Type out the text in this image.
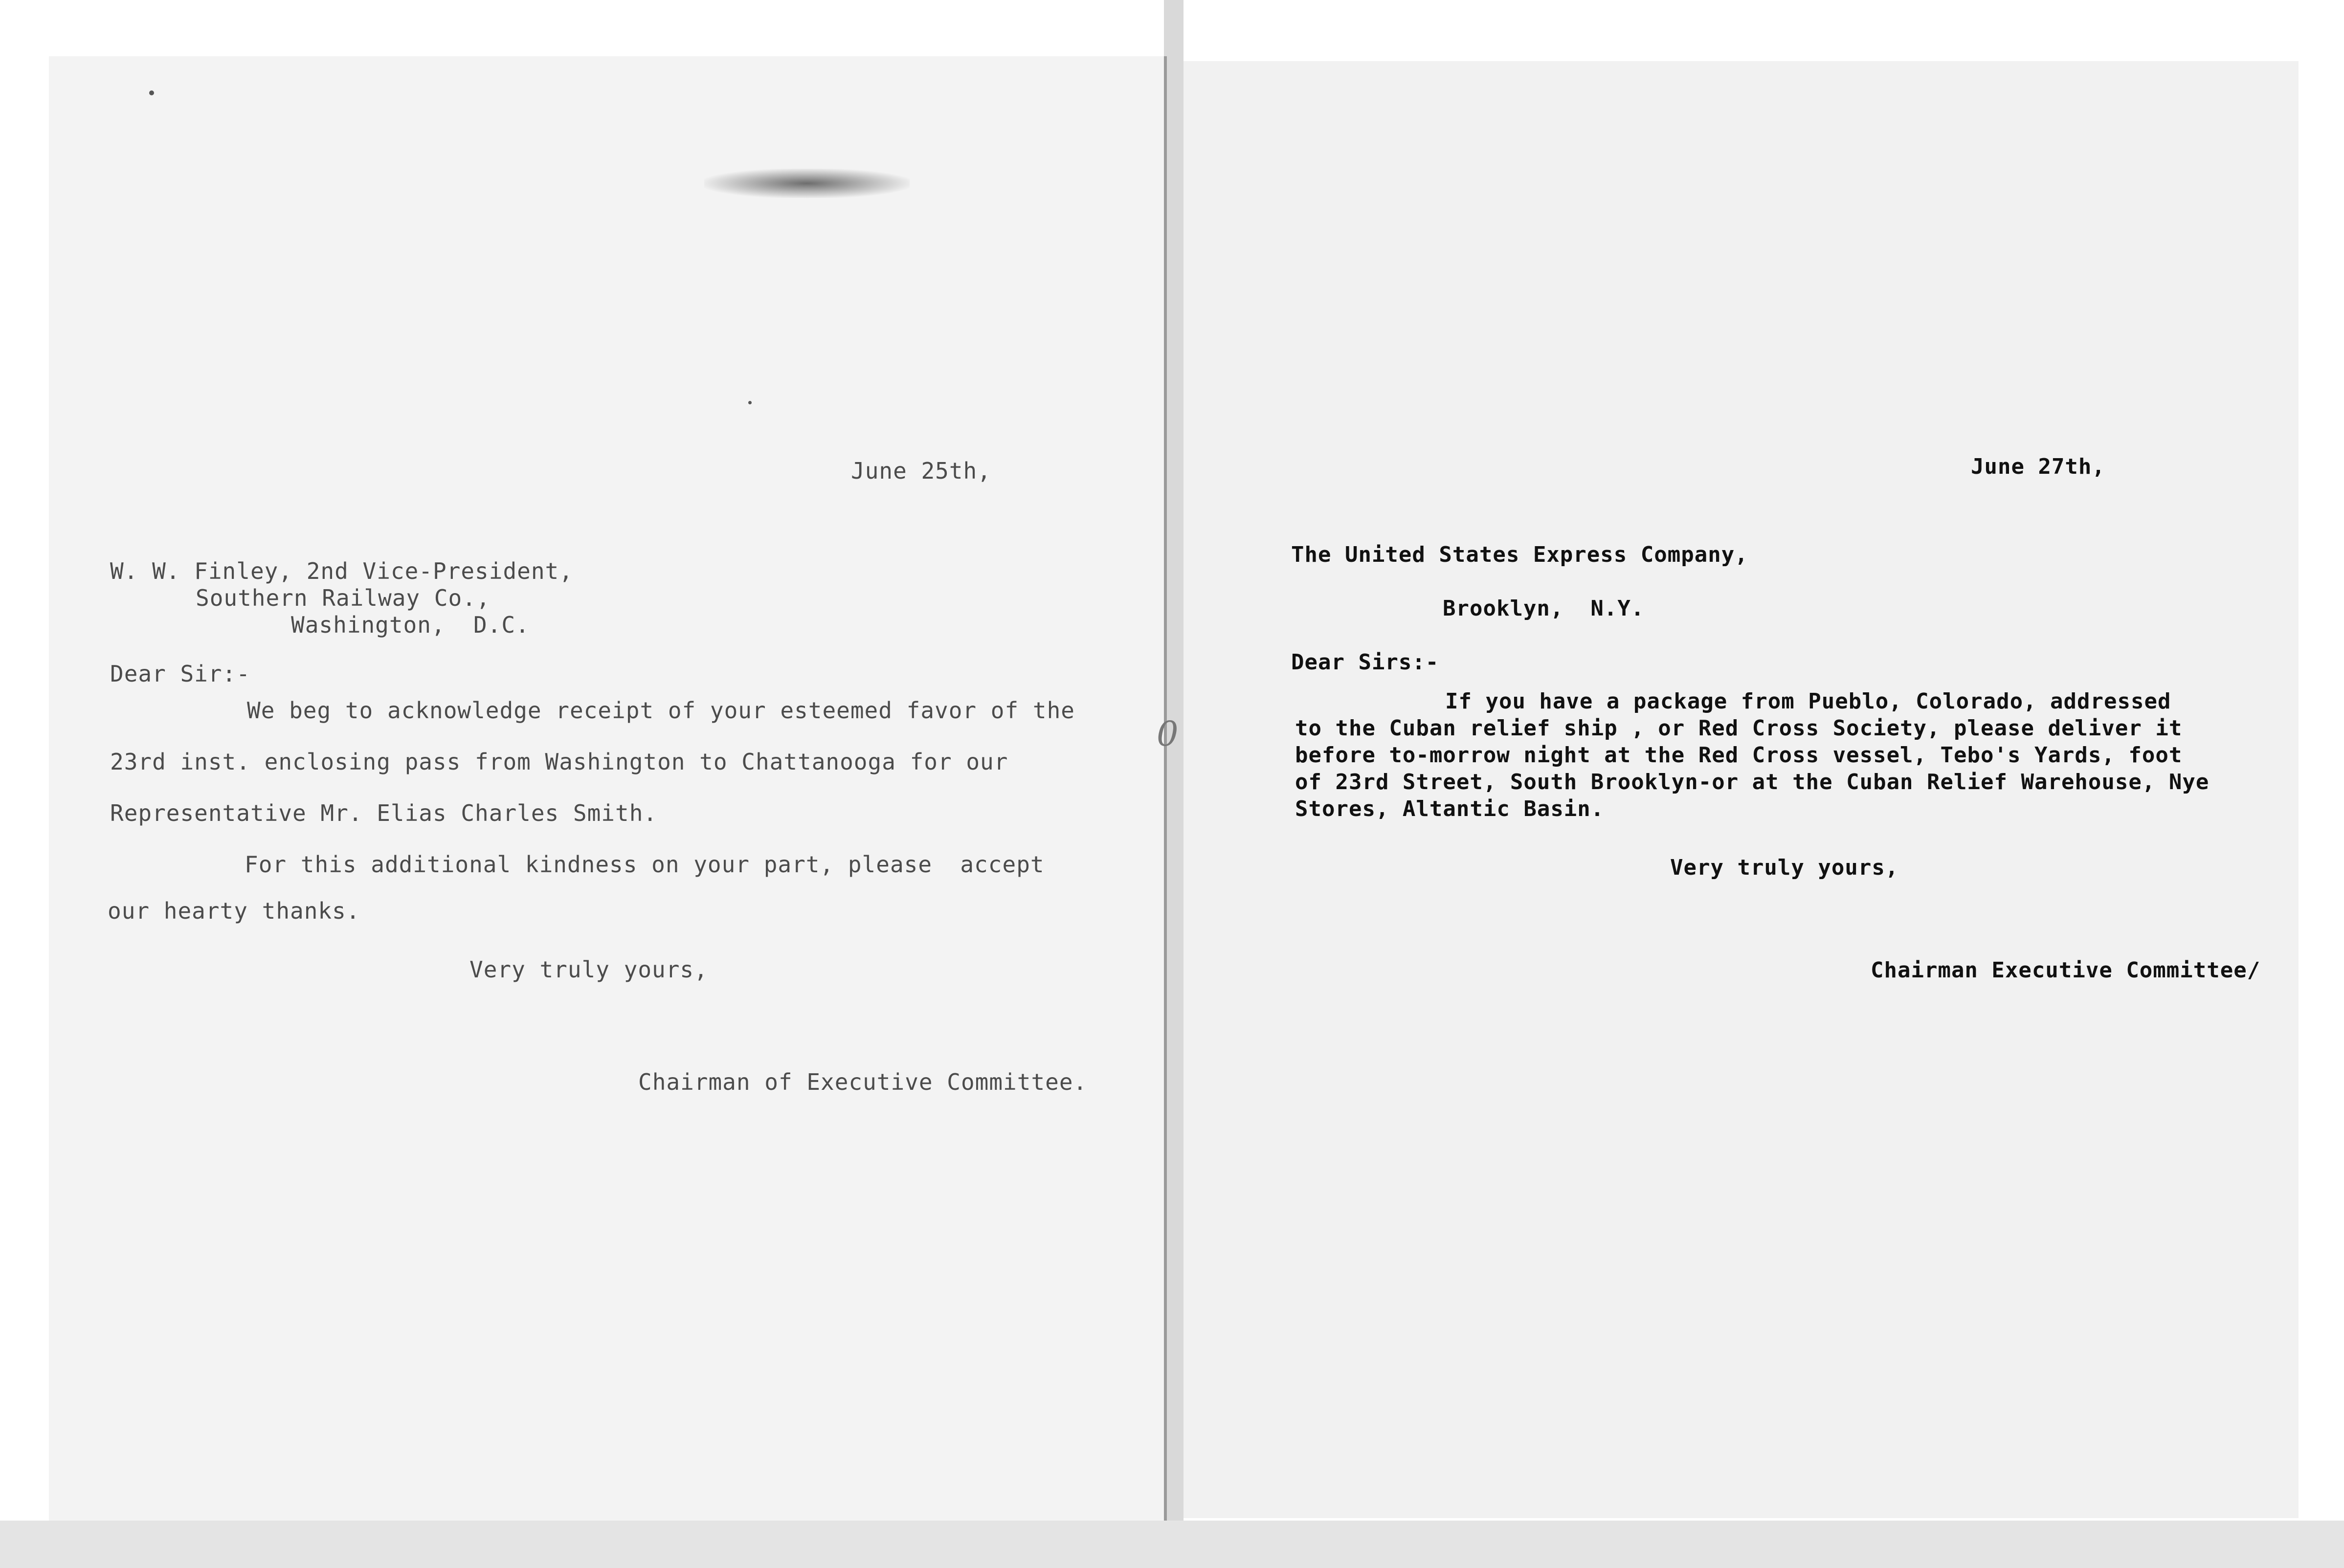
June 25th,
W. W. Finley, 2nd Vice-President,
Southern Railway Co.,
Washington,  D.C.
Dear Sir:-
We beg to acknowledge receipt of your esteemed favor of the
23rd inst. enclosing pass from Washington to Chattanooga for our
Representative Mr. Elias Charles Smith.
For this additional kindness on your part, please  accept
our hearty thanks.
Very truly yours,
Chairman of Executive Committee.
0
June 27th,
The United States Express Company,
Brooklyn,  N.Y.
Dear Sirs:-
If you have a package from Pueblo, Colorado, addressed
to the Cuban relief ship , or Red Cross Society, please deliver it
before to-morrow night at the Red Cross vessel, Tebo's Yards, foot
of 23rd Street, South Brooklyn-or at the Cuban Relief Warehouse, Nye
Stores, Altantic Basin.
Very truly yours,
Chairman Executive Committee/
